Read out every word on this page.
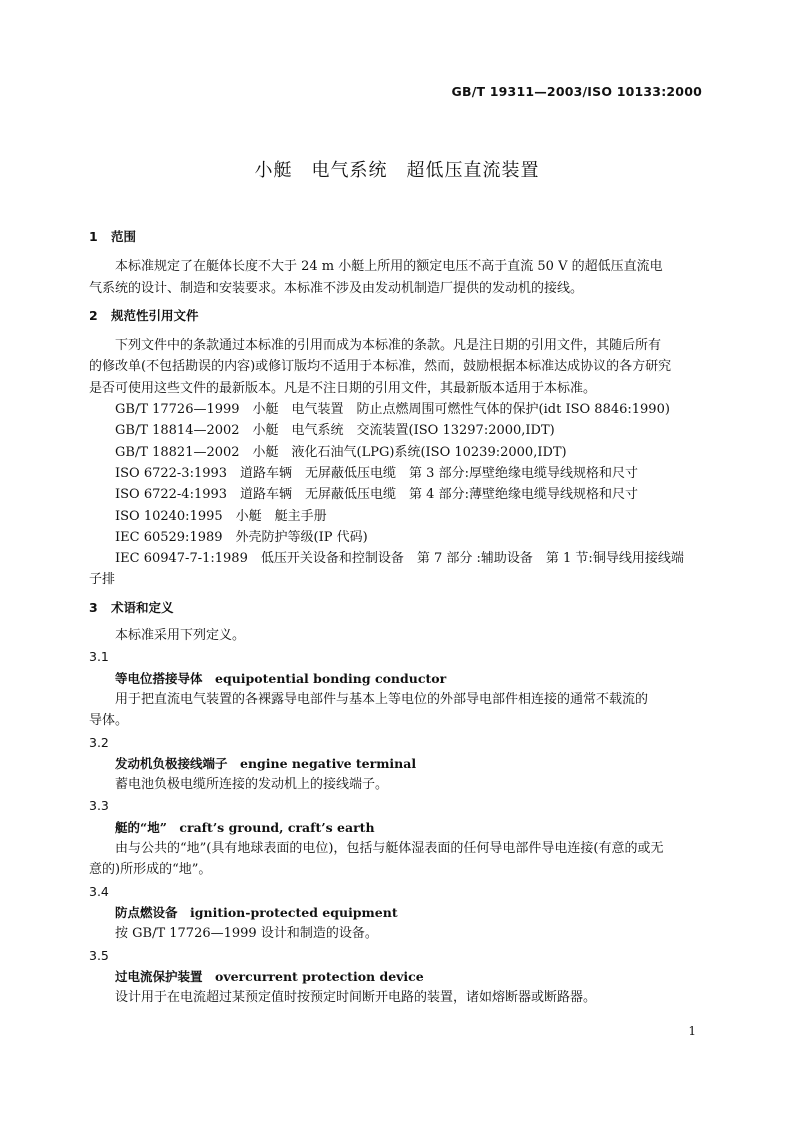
GB/T 19311—2003/ISO 10133:2000
小艇　电气系统　超低压直流装置
1 范围

本标准规定了在艇体长度不大于 24 m 小艇上所用的额定电压不高于直流 50 V 的超低压直流电
气系统的设计、制造和安装要求。本标准不涉及由发动机制造厂提供的发动机的接线。

2 规范性引用文件

下列文件中的条款通过本标准的引用而成为本标准的条款。凡是注日期的引用文件，其随后所有
的修改单(不包括勘误的内容)或修订版均不适用于本标准，然而，鼓励根据本标准达成协议的各方研究
是否可使用这些文件的最新版本。凡是不注日期的引用文件，其最新版本适用于本标准。

GB/T 17726—1999　小艇　电气装置　防止点燃周围可燃性气体的保护(idt ISO 8846:1990)

GB/T 18814—2002　小艇　电气系统　交流装置(ISO 13297:2000,IDT)

GB/T 18821—2002　小艇　液化石油气(LPG)系统(ISO 10239:2000,IDT)

ISO 6722-3:1993　道路车辆　无屏蔽低压电缆　第 3 部分:厚壁绝缘电缆导线规格和尺寸

ISO 6722-4:1993　道路车辆　无屏蔽低压电缆　第 4 部分:薄壁绝缘电缆导线规格和尺寸

ISO 10240:1995　小艇　艇主手册

IEC 60529:1989　外壳防护等级(IP 代码)

IEC 60947-7-1:1989　低压开关设备和控制设备　第 7 部分 :辅助设备　第 1 节:铜导线用接线端

子排

3 术语和定义

本标准采用下列定义。

3.1
等电位搭接导体　equipotential bonding conductor

用于把直流电气装置的各裸露导电部件与基本上等电位的外部导电部件相连接的通常不载流的
导体。

3.2
发动机负极接线端子　engine negative terminal

蓄电池负极电缆所连接的发动机上的接线端子。

3.3
艇的“地”　craft’s ground, craft’s earth

由与公共的“地”(具有地球表面的电位)，包括与艇体湿表面的任何导电部件导电连接(有意的或无
意的)所形成的“地”。

3.4
防点燃设备　ignition-protected equipment

按 GB/T 17726—1999 设计和制造的设备。

3.5
过电流保护装置　overcurrent protection device

设计用于在电流超过某预定值时按预定时间断开电路的装置，诸如熔断器或断路器。

1
